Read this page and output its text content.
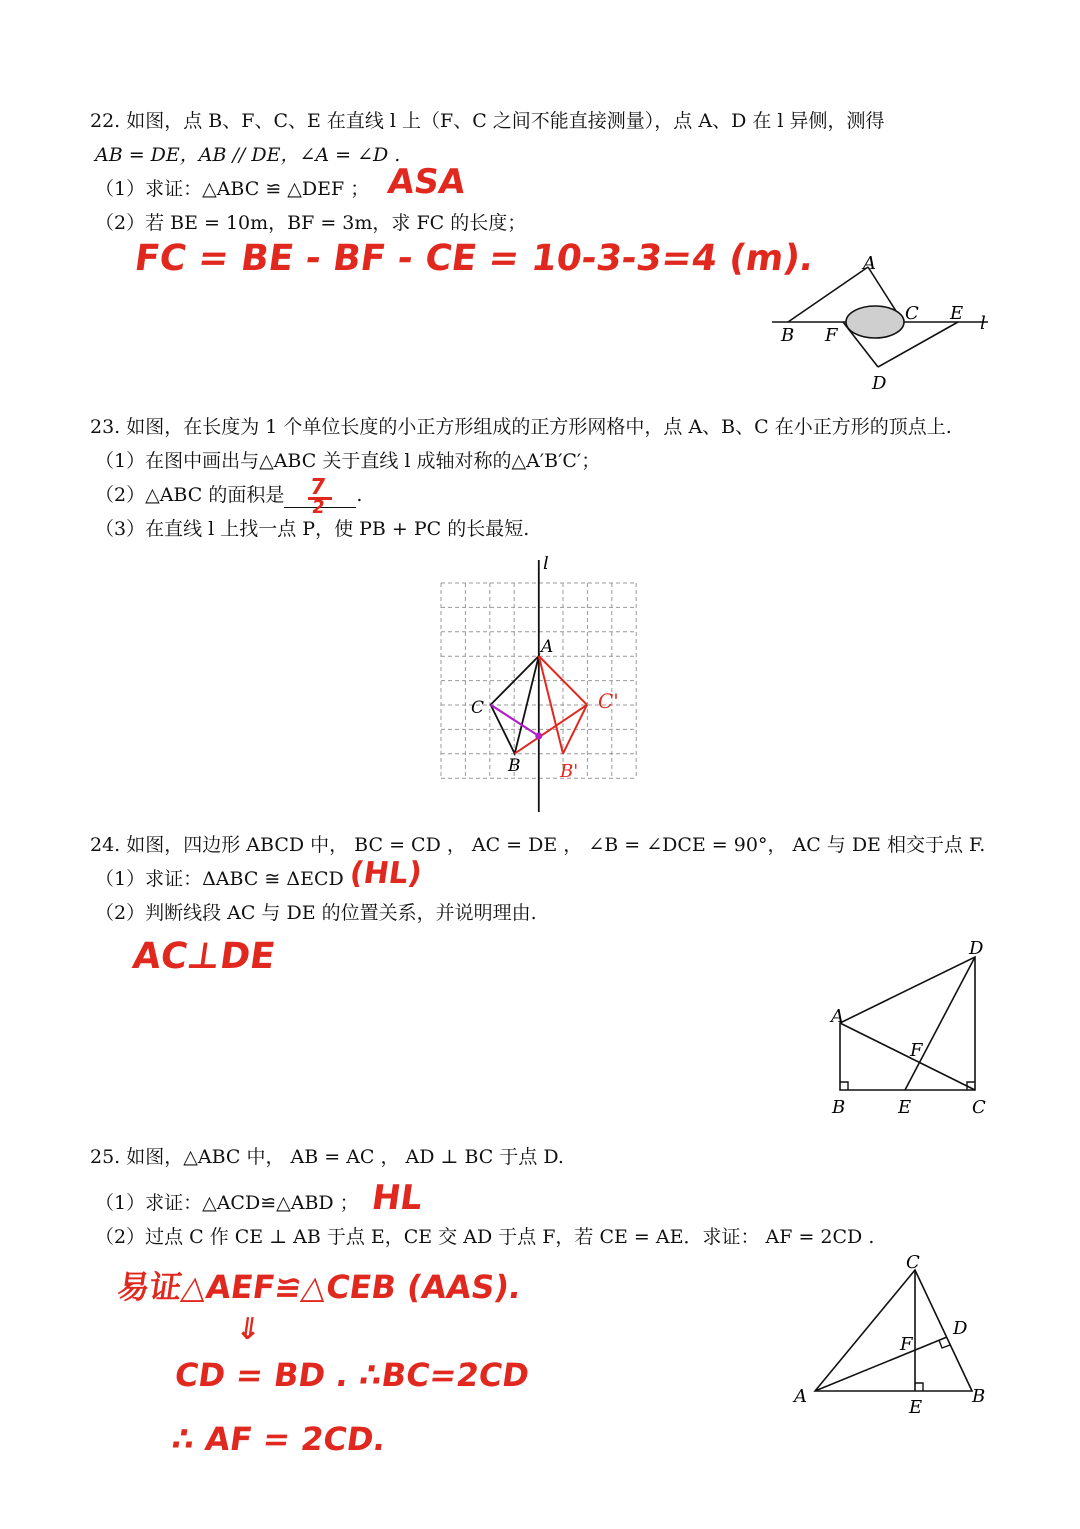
22. 如图，点 B、F、C、E 在直线 l 上（F、C 之间不能直接测量），点 A、D 在 l 异侧，测得
AB = DE，AB // DE，∠A = ∠D .
（1）求证：△ABC ≌ △DEF ； ASA
（2）若 BE = 10m，BF = 3m，求 FC 的长度；
FC = BE - BF - CE = 10-3-3=4 (m).	A
B F
C E l
D
23. 如图，在长度为 1 个单位长度的小正方形组成的正方形网格中，点 A、B、C 在小正方形的顶点上.
（1）在图中画出与△ABC 关于直线 l 成轴对称的△A′B′C′；
（2）△ABC 的面积是 7
2
.
（3）在直线 l 上找一点 P，使 PB + PC 的长最短.
l
A
C
B
C'
B'
24. 如图，四边形 ABCD 中， BC = CD ， AC = DE ， ∠B = ∠DCE = 90°， AC 与 DE 相交于点 F.
（1）求证：ΔABC ≅ ΔECD (HL)
（2）判断线段 AC 与 DE 的位置关系，并说明理由.
AC⊥DE	D
A
F
B	E	C
25. 如图，△ABC 中， AB = AC ， AD ⊥ BC 于点 D.
（1）求证：△ACD≌△ABD ； HL
（2）过点 C 作 CE ⊥ AB 于点 E，CE 交 AD 于点 F，若 CE = AE．求证： AF = 2CD .
易证△AEF≌△CEB (AAS).
⇓
CD = BD . ∴BC=2CD
∴ AF = 2CD.
C
D
F
A	B
E
